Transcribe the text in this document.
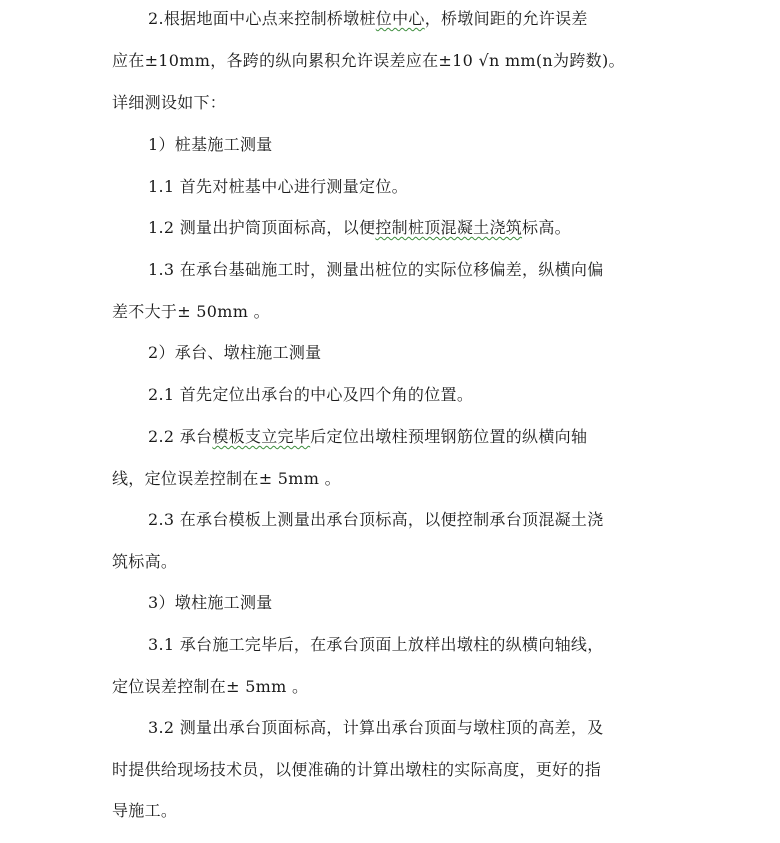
2.根据地面中心点来控制桥墩桩位中心，桥墩间距的允许误差
应在±10mm，各跨的纵向累积允许误差应在±10 √n mm(n为跨数)。
详细测设如下：
1）桩基施工测量
1.1 首先对桩基中心进行测量定位。
1.2 测量出护筒顶面标高，以便控制桩顶混凝土浇筑标高。
1.3 在承台基础施工时，测量出桩位的实际位移偏差，纵横向偏
差不大于± 50mm 。
2）承台、墩柱施工测量
2.1 首先定位出承台的中心及四个角的位置。
2.2 承台模板支立完毕后定位出墩柱预埋钢筋位置的纵横向轴
线，定位误差控制在± 5mm 。
2.3 在承台模板上测量出承台顶标高，以便控制承台顶混凝土浇
筑标高。
3）墩柱施工测量
3.1 承台施工完毕后，在承台顶面上放样出墩柱的纵横向轴线，
定位误差控制在± 5mm 。
3.2 测量出承台顶面标高，计算出承台顶面与墩柱顶的高差，及
时提供给现场技术员，以便准确的计算出墩柱的实际高度，更好的指
导施工。
